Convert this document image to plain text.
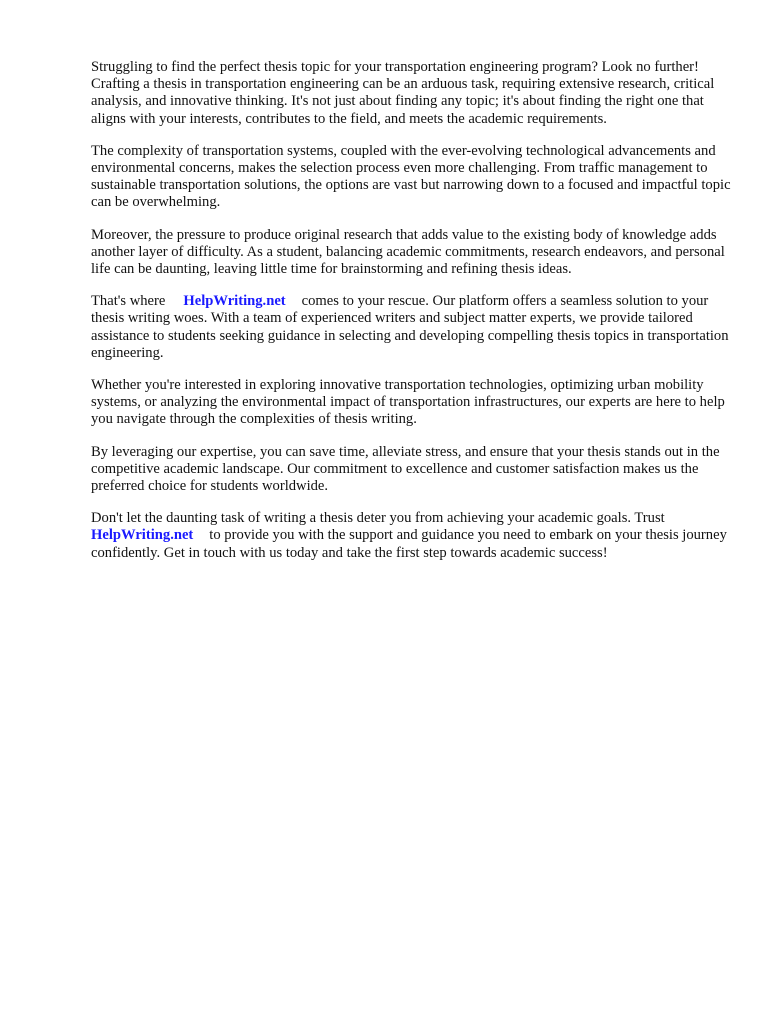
Struggling to find the perfect thesis topic for your transportation engineering program? Look no further! Crafting a thesis in transportation engineering can be an arduous task, requiring extensive research, critical analysis, and innovative thinking. It's not just about finding any topic; it's about finding the right one that aligns with your interests, contributes to the field, and meets the academic requirements.

The complexity of transportation systems, coupled with the ever-evolving technological advancements and environmental concerns, makes the selection process even more challenging. From traffic management to sustainable transportation solutions, the options are vast but narrowing down to a focused and impactful topic can be overwhelming.

Moreover, the pressure to produce original research that adds value to the existing body of knowledge adds another layer of difficulty. As a student, balancing academic commitments, research endeavors, and personal life can be daunting, leaving little time for brainstorming and refining thesis ideas.

That's where HelpWriting.net comes to your rescue. Our platform offers a seamless solution to your thesis writing woes. With a team of experienced writers and subject matter experts, we provide tailored assistance to students seeking guidance in selecting and developing compelling thesis topics in transportation engineering.

Whether you're interested in exploring innovative transportation technologies, optimizing urban mobility systems, or analyzing the environmental impact of transportation infrastructures, our experts are here to help you navigate through the complexities of thesis writing.

By leveraging our expertise, you can save time, alleviate stress, and ensure that your thesis stands out in the competitive academic landscape. Our commitment to excellence and customer satisfaction makes us the preferred choice for students worldwide.

Don't let the daunting task of writing a thesis deter you from achieving your academic goals. Trust HelpWriting.net to provide you with the support and guidance you need to embark on your thesis journey confidently. Get in touch with us today and take the first step towards academic success!
